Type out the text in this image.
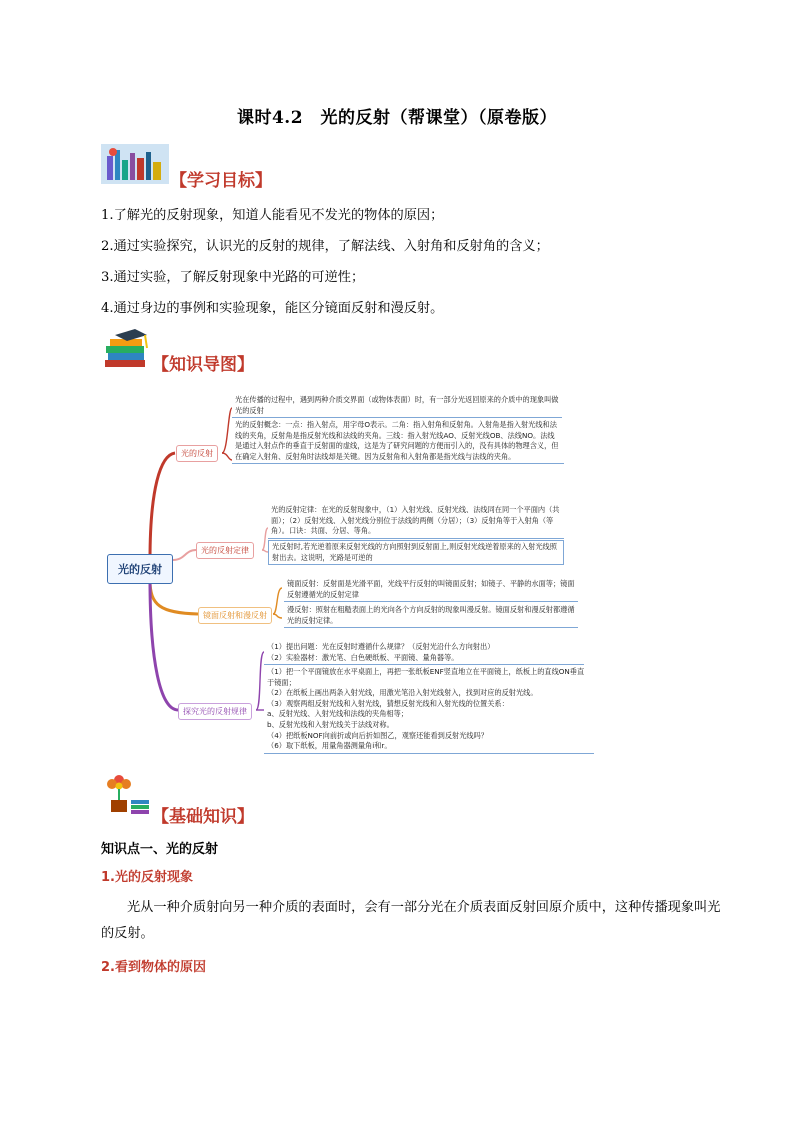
课时4.2　光的反射（帮课堂）（原卷版）
【学习目标】
1.了解光的反射现象，知道人能看见不发光的物体的原因；
2.通过实验探究，认识光的反射的规律，了解法线、入射角和反射角的含义；
3.通过实验，了解反射现象中光路的可逆性；
4.通过身边的事例和实验现象，能区分镜面反射和漫反射。
【知识导图】
光的反射
光的反射
光在传播的过程中，遇到两种介质交界面（或物体表面）时，有一部分光返回原来的介质中的现象叫做光的反射
光的反射概念：一点：指入射点，用字母O表示。二角：指入射角和反射角。入射角是指入射光线和法线的夹角，反射角是指反射光线和法线的夹角。三线：指入射光线AO、反射光线OB、法线NO。法线是通过入射点作的垂直于反射面的虚线，这是为了研究问题的方便而引入的，没有具体的物理含义，但在确定入射角、反射角时法线却是关键。因为反射角和入射角都是指光线与法线的夹角。
光的反射定律
光的反射定律：在光的反射现象中，（1）入射光线、反射光线、法线同在同一个平面内（共面）；（2）反射光线、入射光线分别位于法线的两侧（分居）；（3）反射角等于入射角（等角）。口诀：共面、分居、等角。
光反射时,若光逆着原来反射光线的方向照射到反射面上,则反射光线逆着原来的入射光线照射出去。这说明，光路是可逆的
镜面反射和漫反射
镜面反射：反射面是光滑平面，光线平行反射的叫镜面反射；如镜子、平静的水面等；镜面反射遵循光的反射定律
漫反射：照射在粗糙表面上的光向各个方向反射的现象叫漫反射。镜面反射和漫反射都遵循光的反射定律。
探究光的反射规律
（1）提出问题：光在反射时遵循什么规律？（反射光沿什么方向射出）
（2）实验器材：激光笔、白色硬纸板、平面镜、量角器等。
（1）把一个平面镜放在水平桌面上，再把一张纸板ENF竖直地立在平面镜上，纸板上的直线ON垂直于镜面；
（2）在纸板上画出两条入射光线，用激光笔沿入射光线射入，找到对应的反射光线。
（3）观察两组反射光线和入射光线，猜想反射光线和入射光线的位置关系：
a、反射光线、入射光线和法线的夹角相等；
b、反射光线和入射光线关于法线对称。
（4）把纸板NOF向前折或向后折如图乙，观察还能看到反射光线吗？
（6）取下纸板，用量角器测量角i和r。
【基础知识】
知识点一、光的反射
1.光的反射现象
光从一种介质射向另一种介质的表面时，会有一部分光在介质表面反射回原介质中，这种传播现象叫光的反射。
2.看到物体的原因
